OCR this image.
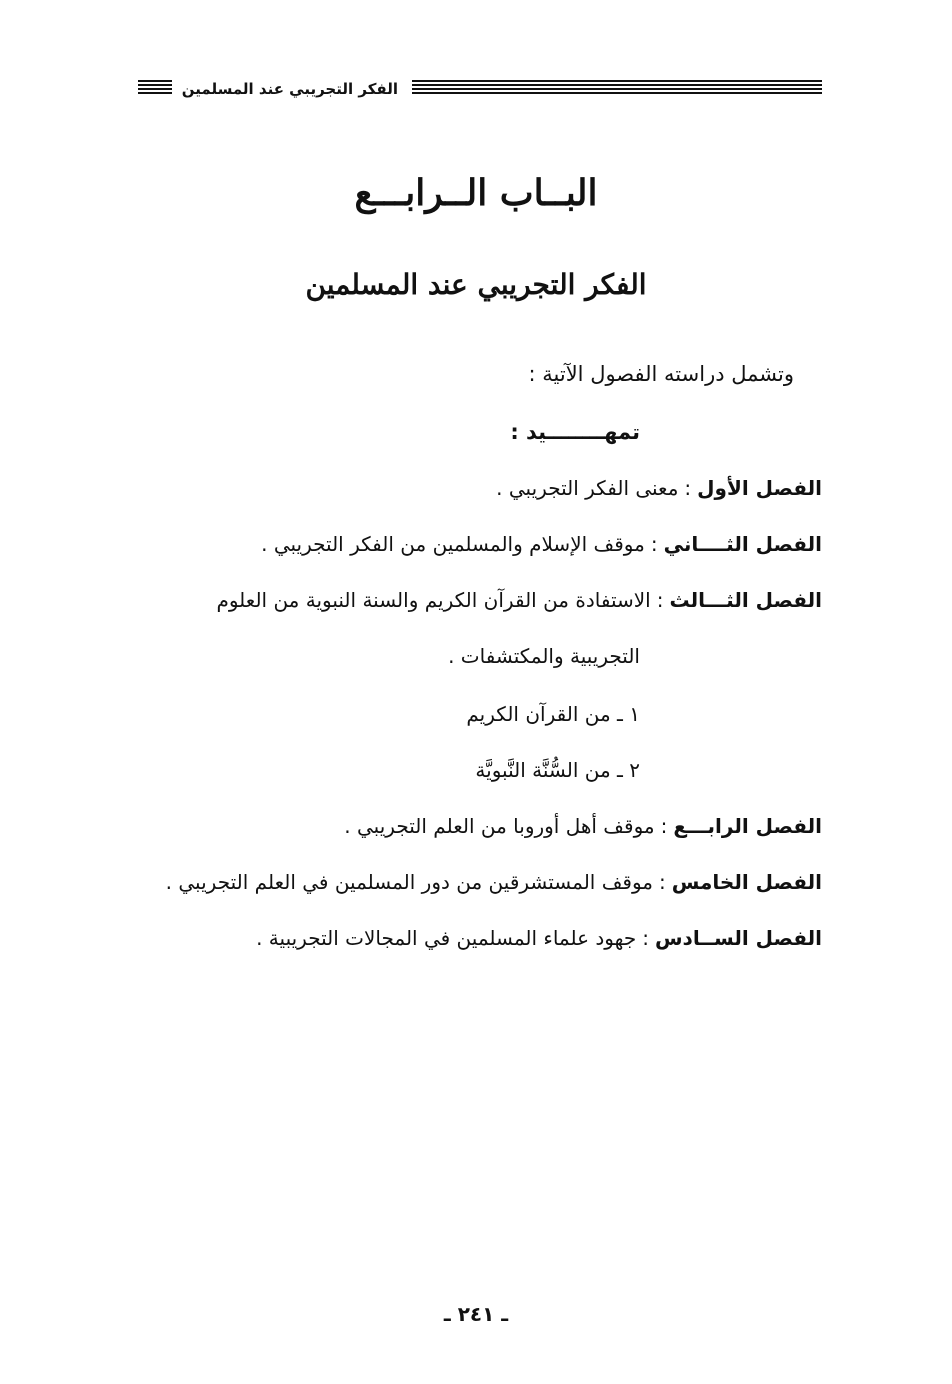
الفكر التجريبي عند المسلمين
البــاب الــرابـــع
الفكر التجريبي عند المسلمين
وتشمل دراسته الفصول الآتية :
تمهــــــــيد :
الفصل الأول
:
معنى الفكر التجريبي .
الفصل الثــــاني
:
موقف الإسلام والمسلمين من الفكر التجريبي .
الفصل الثـــالث
:
الاستفادة من القرآن الكريم والسنة النبوية من العلوم
التجريبية والمكتشفات .
١ ـ من القرآن الكريم
٢ ـ من السُّنَّة النَّبويَّة
الفصل الرابـــع
:
موقف أهل أوروبا من العلم التجريبي .
الفصل الخامس
:
موقف المستشرقين من دور المسلمين في العلم التجريبي .
الفصل الســادس
:
جهود علماء المسلمين في المجالات التجريبية .
ـ ٢٤١ ـ
